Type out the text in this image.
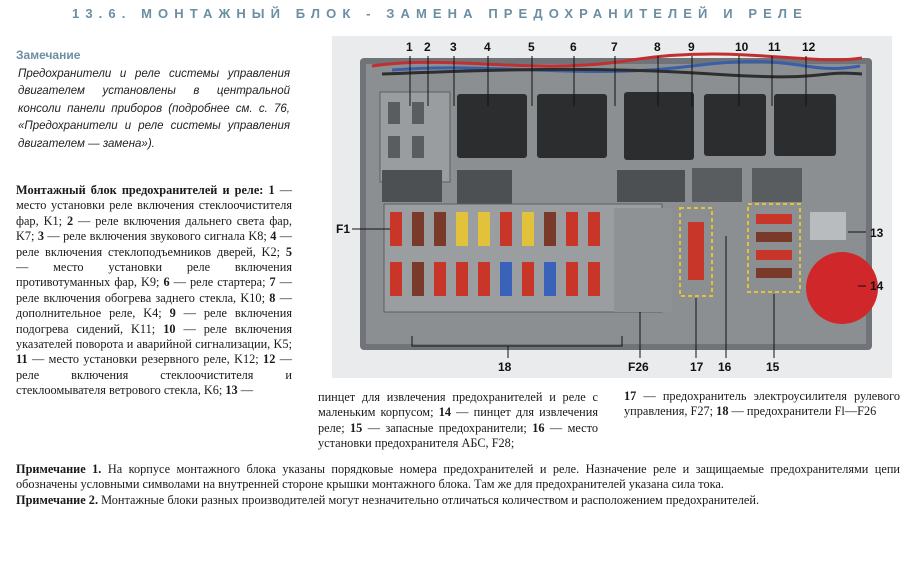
13.6. МОНТАЖНЫЙ БЛОК - ЗАМЕНА ПРЕДОХРАНИТЕЛЕЙ И РЕЛЕ
Замечание
Предохранители и реле системы управления двигателем установлены в центральной консоли панели приборов (подробнее см. с. 76, «Предохранители и реле системы управления двигателем — замена»).
Монтажный блок предохранителей и реле: 1 — место установки реле включения стеклоочистителя фар, K1; 2 — реле включения дальнего света фар, K7; 3 — реле включения звукового сигнала K8; 4 — реле включения стеклоподъемников дверей, K2; 5 — место установки реле включения противотуманных фар, K9; 6 — реле стартера; 7 — реле включения обогрева заднего стекла, K10; 8 — дополнительное реле, K4; 9 — реле включения подогрева сидений, K11; 10 — реле включения указателей поворота и аварийной сигнализации, K5; 11 — место установки резервного реле, K12; 12 — реле включения стеклоочистителя и стеклоомывателя ветрового стекла, K6; 13 —	пинцет для извлечения предохранителей и реле с маленьким корпусом; 14 — пинцет для извлечения реле; 15 — запасные предохранители; 16 — место установки предохранителя АБС, F28;
17 — предохранитель электроусилителя рулевого управления, F27; 18 — предохранители Fl—F26
Примечание 1. На корпусе монтажного блока указаны порядковые номера предохранителей и реле. Назначение реле и защищаемые предохранителями цепи обозначены условными символами на внутренней стороне крышки монтажного блока. Там же для предохранителей указана сила тока.
Примечание 2. Монтажные блоки разных производителей могут незначительно отличаться количеством и расположением предохранителей.
1 2 3 4	5	6	7	8 9	10 11 12
F1	13
14
18	F26	17 16	15
